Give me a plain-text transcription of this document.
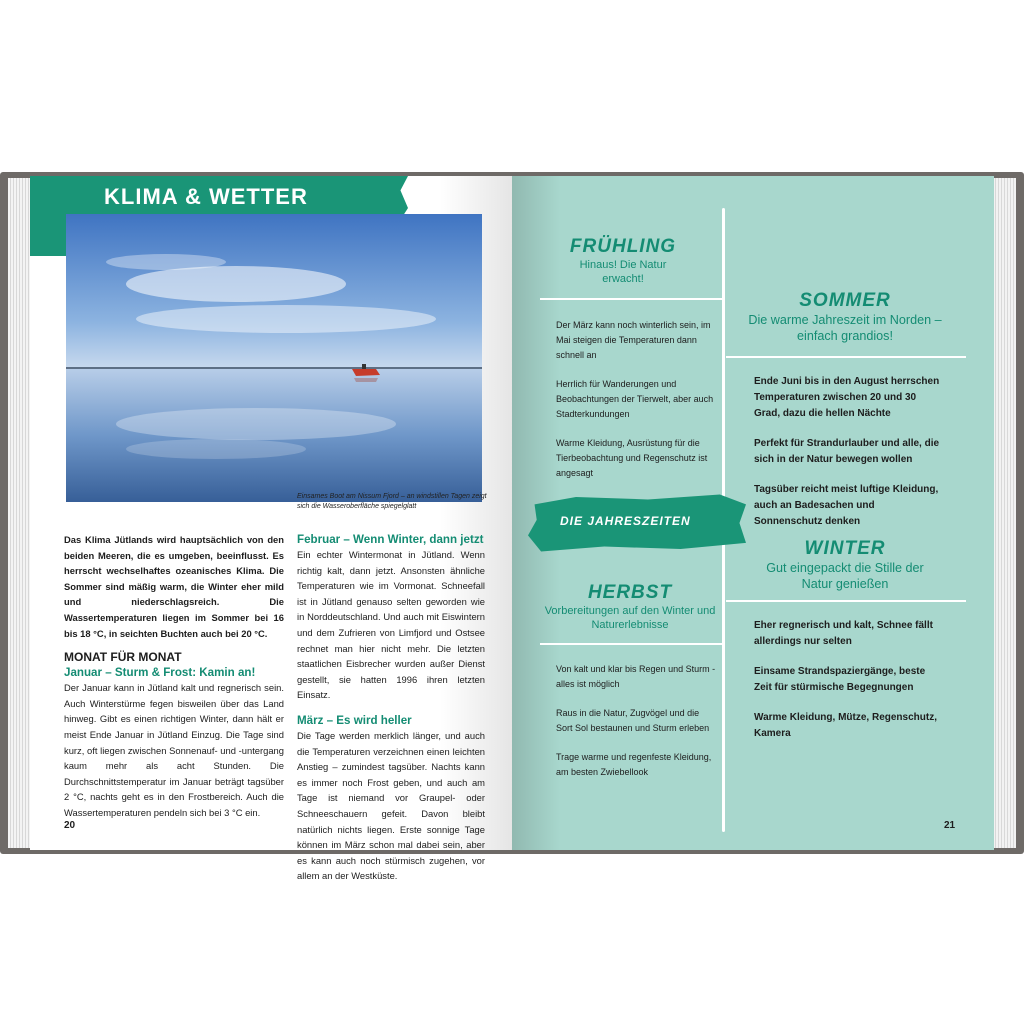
KLIMA & WETTER
Einsames Boot am Nissum Fjord – an windstillen Tagen zeigt sich die Wasseroberfläche spiegelglatt

Das Klima Jütlands wird hauptsächlich von den beiden Meeren, die es umgeben, beeinflusst. Es herrscht wechselhaftes ozeanisches Klima. Die Sommer sind mäßig warm, die Winter eher mild und niederschlagsreich. Die Wassertemperaturen liegen im Sommer bei 16 bis 18 °C, in seichten Buchten auch bei 20 °C.

MONAT FÜR MONAT

Januar – Sturm & Frost: Kamin an!

Der Januar kann in Jütland kalt und regnerisch sein. Auch Winterstürme fegen bisweilen über das Land hinweg. Gibt es einen richtigen Winter, dann hält er meist Ende Januar in Jütland Einzug. Die Tage sind kurz, oft liegen zwischen Sonnenauf- und -untergang kaum mehr als acht Stunden. Die Durchschnittstemperatur im Januar beträgt tagsüber 2 °C, nachts geht es in den Frostbereich. Auch die Wassertemperaturen pendeln sich bei 3 °C ein.

Februar – Wenn Winter, dann jetzt

Ein echter Wintermonat in Jütland. Wenn richtig kalt, dann jetzt. Ansonsten ähnliche Temperaturen wie im Vormonat. Schneefall ist in Jütland genauso selten geworden wie in Norddeutschland. Und auch mit Eiswintern und dem Zufrieren von Limfjord und Ostsee rechnet man hier nicht mehr. Die letzten staatlichen Eisbrecher wurden außer Dienst gestellt, sie hatten 1996 ihren letzten Einsatz.

März – Es wird heller

Die Tage werden merklich länger, und auch die Temperaturen verzeichnen einen leichten Anstieg – zumindest tagsüber. Nachts kann es immer noch Frost geben, und auch am Tage ist niemand vor Graupel- oder Schneeschauern gefeit. Davon bleibt natürlich nichts liegen. Erste sonnige Tage können im März schon mal dabei sein, aber es kann auch noch stürmisch zugehen, vor allem an der Westküste.

20
FRÜHLING
Hinaus! Die Natur erwacht!

Der März kann noch winterlich sein, im Mai steigen die Temperaturen dann schnell an

Herrlich für Wanderungen und Beobachtungen der Tierwelt, aber auch Stadterkundungen

Warme Kleidung, Ausrüstung für die Tierbeobachtung und Regenschutz ist angesagt

SOMMER
Die warme Jahreszeit im Norden – einfach grandios!

Ende Juni bis in den August herrschen Temperaturen zwischen 20 und 30 Grad, dazu die hellen Nächte

Perfekt für Strandurlauber und alle, die sich in der Natur bewegen wollen

Tagsüber reicht meist luftige Kleidung, auch an Badesachen und Sonnenschutz denken

DIE JAHRESZEITEN
HERBST
Vorbereitungen auf den Winter und Naturerlebnisse

Von kalt und klar bis Regen und Sturm - alles ist möglich

Raus in die Natur, Zugvögel und die Sort Sol bestaunen und Sturm erleben

Trage warme und regenfeste Kleidung, am besten Zwiebellook

WINTER
Gut eingepackt die Stille der Natur genießen

Eher regnerisch und kalt, Schnee fällt allerdings nur selten

Einsame Strandspaziergänge, beste Zeit für stürmische Begegnungen

Warme Kleidung, Mütze, Regenschutz, Kamera

21
